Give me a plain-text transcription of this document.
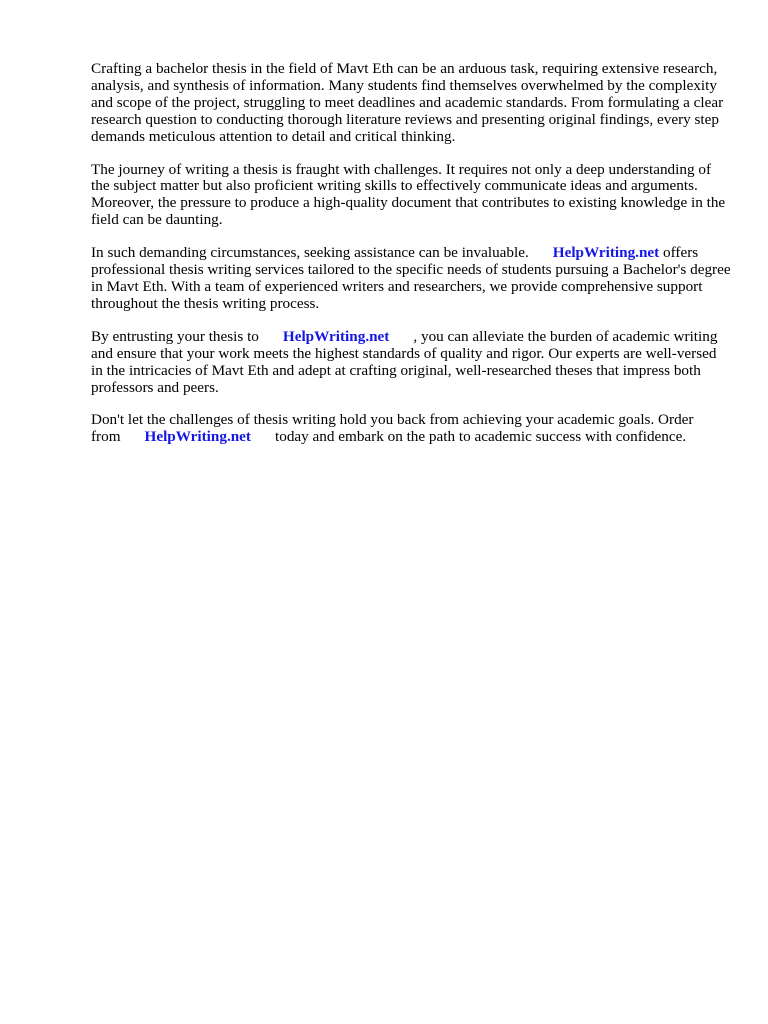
Crafting a bachelor thesis in the field of Mavt Eth can be an arduous task, requiring extensive research, analysis, and synthesis of information. Many students find themselves overwhelmed by the complexity and scope of the project, struggling to meet deadlines and academic standards. From formulating a clear research question to conducting thorough literature reviews and presenting original findings, every step demands meticulous attention to detail and critical thinking.

The journey of writing a thesis is fraught with challenges. It requires not only a deep understanding of the subject matter but also proficient writing skills to effectively communicate ideas and arguments. Moreover, the pressure to produce a high-quality document that contributes to existing knowledge in the field can be daunting.

In such demanding circumstances, seeking assistance can be invaluable. HelpWriting.net offers professional thesis writing services tailored to the specific needs of students pursuing a Bachelor's degree in Mavt Eth. With a team of experienced writers and researchers, we provide comprehensive support throughout the thesis writing process.

By entrusting your thesis to HelpWriting.net , you can alleviate the burden of academic writing and ensure that your work meets the highest standards of quality and rigor. Our experts are well-versed in the intricacies of Mavt Eth and adept at crafting original, well-researched theses that impress both professors and peers.

Don't let the challenges of thesis writing hold you back from achieving your academic goals. Order from HelpWriting.net today and embark on the path to academic success with confidence.
